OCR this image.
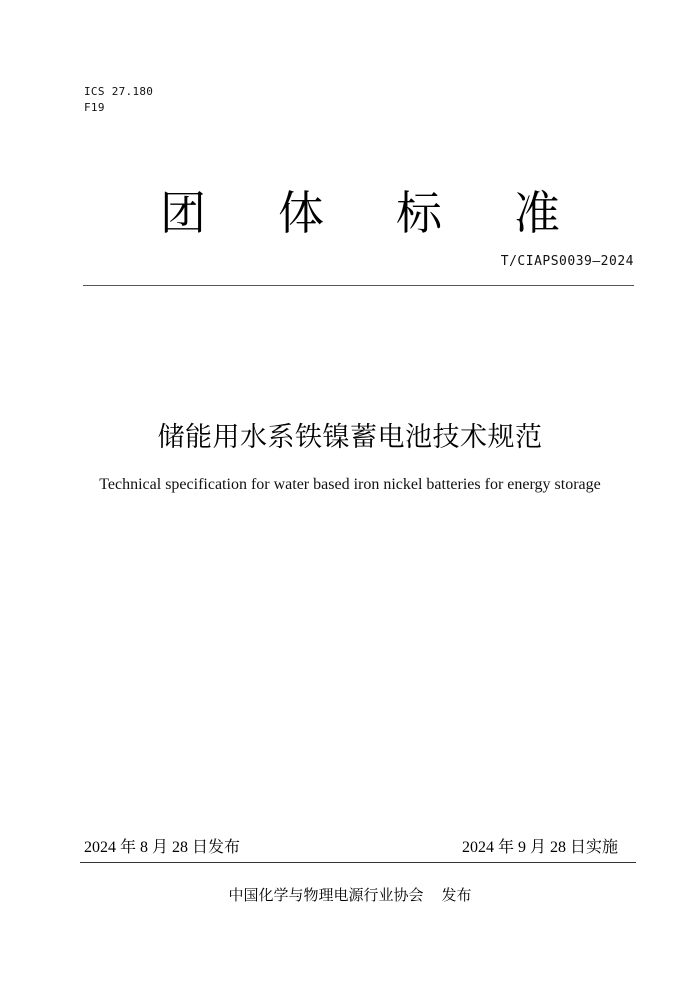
ICS 27.180
F19
团 体 标 准
T/CIAPS0039—2024
储能用水系铁镍蓄电池技术规范
Technical specification for water based iron nickel batteries for energy storage
2024 年 8 月 28 日发布	2024 年 9 月 28 日实施
中国化学与物理电源行业协会 发布
